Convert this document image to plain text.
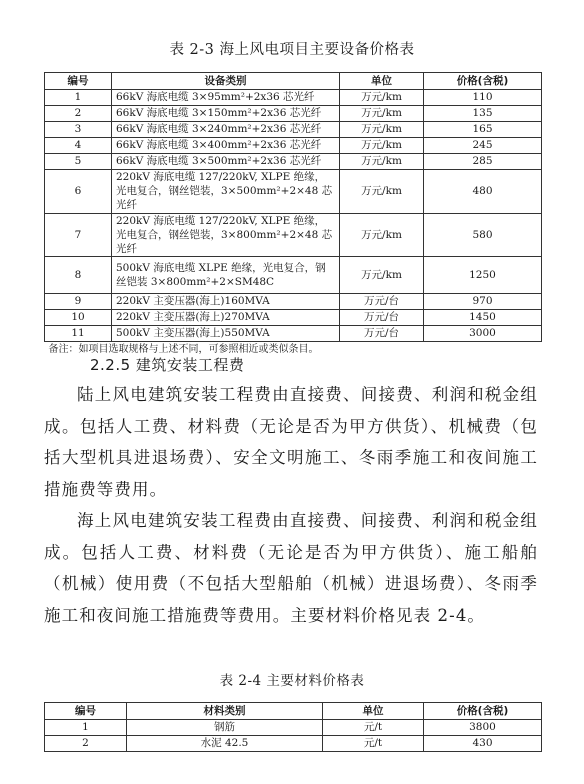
表 2-3 海上风电项目主要设备价格表
编号	设备类别	单位	价格(含税)
1	66kV 海底电缆 3×95mm²+2x36 芯光纤	万元/km	110
2	66kV 海底电缆 3×150mm²+2x36 芯光纤	万元/km	135
3	66kV 海底电缆 3×240mm²+2x36 芯光纤	万元/km	165
4	66kV 海底电缆 3×400mm²+2x36 芯光纤	万元/km	245
5	66kV 海底电缆 3×500mm²+2x36 芯光纤	万元/km	285
6	220kV 海底电缆 127/220kV, XLPE 绝缘，光电复合，钢丝铠装，3×500mm²+2×48 芯光纤	万元/km	480
7	220kV 海底电缆 127/220kV, XLPE 绝缘，光电复合，钢丝铠装，3×800mm²+2×48 芯光纤	万元/km	580
8	500kV 海底电缆 XLPE 绝缘，光电复合，钢丝铠装 3×800mm²+2×SM48C	万元/km	1250
9	220kV 主变压器(海上)160MVA	万元/台	970
10	220kV 主变压器(海上)270MVA	万元/台	1450
11	500kV 主变压器(海上)550MVA	万元/台	3000
备注：如项目选取规格与上述不同，可参照相近或类似条目。			
2.2.5 建筑安装工程费

陆上风电建筑安装工程费由直接费、间接费、利润和税金组成。包括人工费、材料费（无论是否为甲方供货）、机械费（包括大型机具进退场费）、安全文明施工、冬雨季施工和夜间施工措施费等费用。

海上风电建筑安装工程费由直接费、间接费、利润和税金组成。包括人工费、材料费（无论是否为甲方供货）、施工船舶（机械）使用费（不包括大型船舶（机械）进退场费）、冬雨季施工和夜间施工措施费等费用。主要材料价格见表 2-4。

表 2-4 主要材料价格表
编号	材料类别	单位	价格(含税)
1	钢筋	元/t	3800
2	水泥 42.5	元/t	430
